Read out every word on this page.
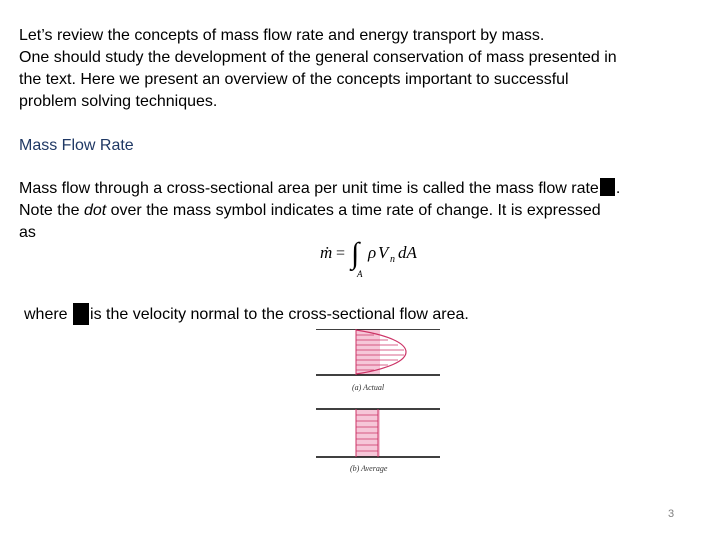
Let’s review the concepts of mass flow rate and energy transport by mass.
One should study the development of the general conservation of mass presented in
the text. Here we present an overview of the concepts important to successful
problem solving techniques.

Mass Flow Rate

Mass flow through a cross-sectional area per unit time is called the mass flow rate .
Note the dot over the mass symbol indicates a time rate of change. It is expressed
as
ṁ = ∫
A
ρ V n dA
where is the velocity normal to the cross-sectional flow area.
(a) Actual
(b) Average
3
